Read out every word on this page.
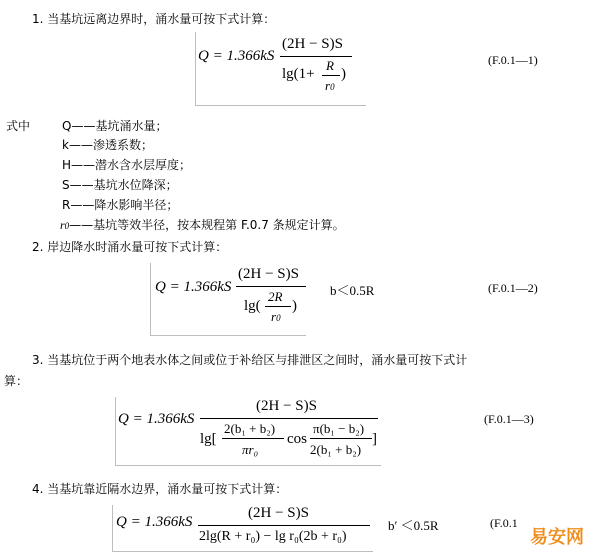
1. 当基坑远离边界时，涌水量可按下式计算：
Q = 1.366kS
(2H − S)S
lg(1+
R
r0
)
(F.0.1—1)
式中	Q——基坑涌水量；
k——渗透系数；
H——潜水含水层厚度；
S——基坑水位降深；
R——降水影响半径；
r0——基坑等效半径，按本规程第 F.0.7 条规定计算。
2. 岸边降水时涌水量可按下式计算：
Q = 1.366kS
(2H − S)S
lg(
2R
r0
)
b＜0.5R	(F.0.1—2)
3. 当基坑位于两个地表水体之间或位于补给区与排泄区之间时，涌水量可按下式计
算：
Q = 1.366kS
(2H − S)S
lg[
2(b₁ + b₂)
πr₀
cos
π(b₁ − b₂)
2(b₁ + b₂)
]
(F.0.1—3)
4. 当基坑靠近隔水边界，涌水量可按下式计算：
Q = 1.366kS
(2H − S)S
2lg(R + r₀) − lg r₀(2b + r₀)
b′ ＜0.5R	(F.0.1
易安网
